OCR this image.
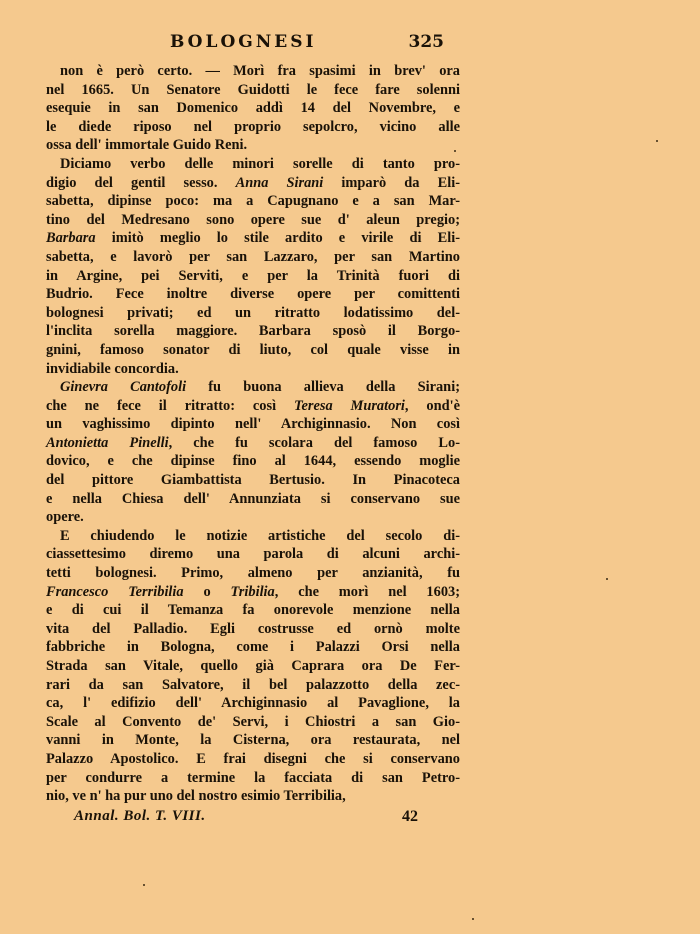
BOLOGNESI	325
non è però certo. — Morì fra spasimi in brev' ora
nel 1665. Un Senatore Guidotti le fece fare solenni
esequie in san Domenico addì 14 del Novembre, e
le diede riposo nel proprio sepolcro, vicino alle
ossa dell' immortale Guido Reni.
Diciamo verbo delle minori sorelle di tanto pro-
digio del gentil sesso. Anna Sirani imparò da Eli-
sabetta, dipinse poco: ma a Capugnano e a san Mar-
tino del Medresano sono opere sue d' aleun pregio;
Barbara imitò meglio lo stile ardito e virile di Eli-
sabetta, e lavorò per san Lazzaro, per san Martino
in Argine, pei Serviti, e per la Trinità fuori di
Budrio. Fece inoltre diverse opere per comittenti
bolognesi privati; ed un ritratto lodatissimo del-
l'inclita sorella maggiore. Barbara sposò il Borgo-
gnini, famoso sonator di liuto, col quale visse in
invidiabile concordia.
Ginevra Cantofoli fu buona allieva della Sirani;
che ne fece il ritratto: così Teresa Muratori, ond'è
un vaghissimo dipinto nell' Archiginnasio. Non così
Antonietta Pinelli, che fu scolara del famoso Lo-
dovico, e che dipinse fino al 1644, essendo moglie
del pittore Giambattista Bertusio. In Pinacoteca
e nella Chiesa dell' Annunziata si conservano sue
opere.
E chiudendo le notizie artistiche del secolo di-
ciassettesimo diremo una parola di alcuni archi-
tetti bolognesi. Primo, almeno per anzianità, fu
Francesco Terribilia o Tribilia, che morì nel 1603;
e di cui il Temanza fa onorevole menzione nella
vita del Palladio. Egli costrusse ed ornò molte
fabbriche in Bologna, come i Palazzi Orsi nella
Strada san Vitale, quello già Caprara ora De Fer-
rari da san Salvatore, il bel palazzotto della zec-
ca, l' edifizio dell' Archiginnasio al Pavaglione, la
Scale al Convento de' Servi, i Chiostri a san Gio-
vanni in Monte, la Cisterna, ora restaurata, nel
Palazzo Apostolico. E frai disegni che si conservano
per condurre a termine la facciata di san Petro-
nio, ve n' ha pur uno del nostro esimio Terribilia,
Annal. Bol. T. VIII.	42
